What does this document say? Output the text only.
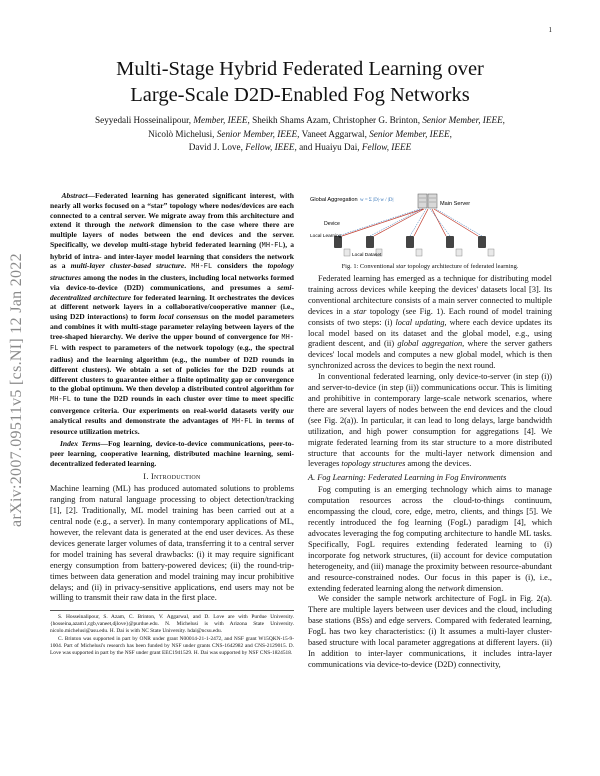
1
arXiv:2007.09511v5 [cs.NI] 12 Jan 2022
Multi-Stage Hybrid Federated Learning over
Large-Scale D2D-Enabled Fog Networks
Seyyedali Hosseinalipour, Member, IEEE, Sheikh Shams Azam, Christopher G. Brinton, Senior Member, IEEE,
Nicolò Michelusi, Senior Member, IEEE, Vaneet Aggarwal, Senior Member, IEEE,
David J. Love, Fellow, IEEE, and Huaiyu Dai, Fellow, IEEE

Abstract—Federated learning has generated significant interest, with nearly all works focused on a “star” topology where nodes/devices are each connected to a central server. We migrate away from this architecture and extend it through the network dimension to the case where there are multiple layers of nodes between the end devices and the server. Specifically, we develop multi-stage hybrid federated learning (MH-FL), a hybrid of intra- and inter-layer model learning that considers the network as a multi-layer cluster-based structure. MH-FL considers the topology structures among the nodes in the clusters, including local networks formed via device-to-device (D2D) communications, and presumes a semi-decentralized architecture for federated learning. It orchestrates the devices at different network layers in a collaborative/cooperative manner (i.e., using D2D interactions) to form local consensus on the model parameters and combines it with multi-stage parameter relaying between layers of the tree-shaped hierarchy. We derive the upper bound of convergence for MH-FL with respect to parameters of the network topology (e.g., the spectral radius) and the learning algorithm (e.g., the number of D2D rounds in different clusters). We obtain a set of policies for the D2D rounds at different clusters to guarantee either a finite optimality gap or convergence to the global optimum. We then develop a distributed control algorithm for MH-FL to tune the D2D rounds in each cluster over time to meet specific convergence criteria. Our experiments on real-world datasets verify our analytical results and demonstrate the advantages of MH-FL in terms of resource utilization metrics.

Index Terms—Fog learning, device-to-device communications, peer-to-peer learning, cooperative learning, distributed machine learning, semi-decentralized federated learning.

I. Introduction

Machine learning (ML) has produced automated solutions to problems ranging from natural language processing to object detection/tracking [1], [2]. Traditionally, ML model training has been carried out at a central node (e.g., a server). In many contemporary applications of ML, however, the relevant data is generated at the end user devices. As these devices generate larger volumes of data, transferring it to a central server for model training has several drawbacks: (i) it may require significant energy consumption from battery-powered devices; (ii) the round-trip-times between data generation and model training may incur prohibitive delays; and (ii) in privacy-sensitive applications, end users may not be willing to transmit their raw data in the first place.

S. Hosseinalipour, S. Azam, C. Brinton, V. Aggarwal, and D. Love are with Purdue University. {hosseina,azam1,cgb,vaneet,djlove}@purdue.edu. N. Michelusi is with Arizona State University. nicolo.michelusi@asu.edu. H. Dai is with NC State University. hdai@ncsu.edu.

C. Brinton was supported in part by ONR under grant N00014-21-1-2472, and NSF grant W15QKN-15-9-1004. Part of Michelusi's research has been funded by NSF under grants CNS-1642982 and CNS-2129015. D. Love was supported in part by the NSF under grant EEC1941529. H. Dai was supported by NSF CNS-1824518.

Global Aggregation w = Σ |D|·w / |D|
Main Server
Device
Local Learning
Local Dataset

Fig. 1: Conventional star topology architecture of federated learning.

Federated learning has emerged as a technique for distributing model training across devices while keeping the devices' datasets local [3]. Its conventional architecture consists of a main server connected to multiple devices in a star topology (see Fig. 1). Each round of model training consists of two steps: (i) local updating, where each device updates its local model based on its dataset and the global model, e.g., using gradient descent, and (ii) global aggregation, where the server gathers devices' local models and computes a new global model, which is then synchronized across the devices to begin the next round.

In conventional federated learning, only device-to-server (in step (i)) and server-to-device (in step (ii)) communications occur. This is limiting and prohibitive in contemporary large-scale network scenarios, where there are several layers of nodes between the end devices and the cloud (see Fig. 2(a)). In particular, it can lead to long delays, large bandwidth utilization, and high power consumption for aggregations [4]. We migrate federated learning from its star structure to a more distributed structure that accounts for the multi-layer network dimension and leverages topology structures among the devices.

A. Fog Learning: Federated Learning in Fog Environments

Fog computing is an emerging technology which aims to manage computation resources across the cloud-to-things continuum, encompassing the cloud, core, edge, metro, clients, and things [5]. We recently introduced the fog learning (FogL) paradigm [4], which advocates leveraging the fog computing architecture to handle ML tasks. Specifically, FogL requires extending federated learning to (i) incorporate fog network structures, (ii) account for device computation heterogeneity, and (iii) manage the proximity between resource-abundant and resource-constrained nodes. Our focus in this paper is (i), i.e., extending federated learning along the network dimension.

We consider the sample network architecture of FogL in Fig. 2(a). There are multiple layers between user devices and the cloud, including base stations (BSs) and edge servers. Compared with federated learning, FogL has two key characteristics: (i) It assumes a multi-layer cluster-based structure with local parameter aggregations at different layers. (ii) In addition to inter-layer communications, it includes intra-layer communications via device-to-device (D2D) connectivity,
